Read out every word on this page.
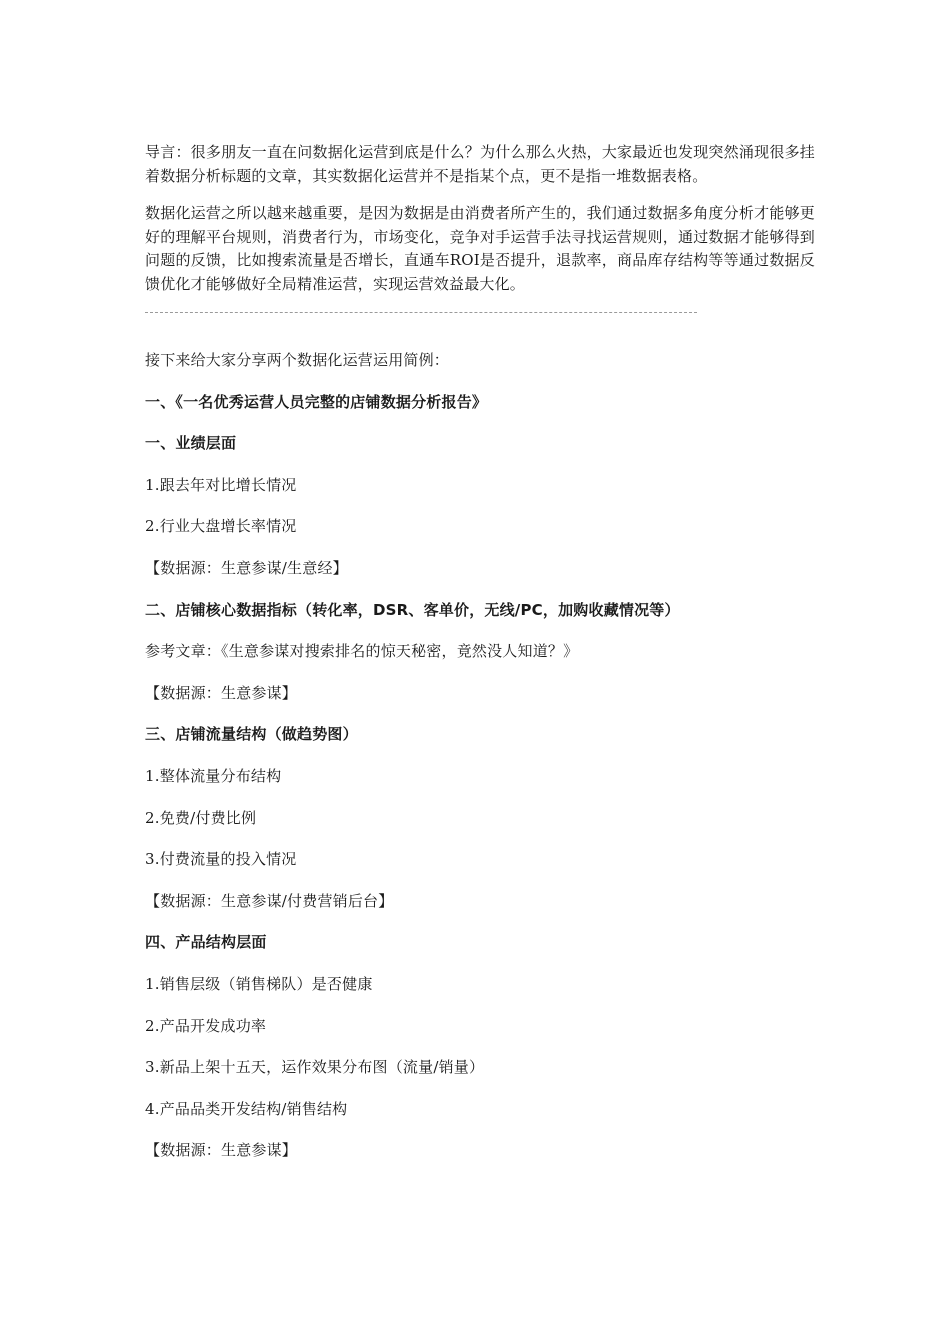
导言：很多朋友一直在问数据化运营到底是什么？为什么那么火热，大家最近也发现突然涌现很多挂着数据分析标题的文章，其实数据化运营并不是指某个点，更不是指一堆数据表格。

数据化运营之所以越来越重要，是因为数据是由消费者所产生的，我们通过数据多角度分析才能够更好的理解平台规则，消费者行为，市场变化，竞争对手运营手法寻找运营规则，通过数据才能够得到问题的反馈，比如搜索流量是否增长，直通车ROI是否提升，退款率，商品库存结构等等通过数据反馈优化才能够做好全局精准运营，实现运营效益最大化。

接下来给大家分享两个数据化运营运用简例：
一、《一名优秀运营人员完整的店铺数据分析报告》
一、业绩层面
1.跟去年对比增长情况
2.行业大盘增长率情况
【数据源：生意参谋/生意经】
二、店铺核心数据指标（转化率，DSR、客单价，无线/PC，加购收藏情况等）
参考文章：《生意参谋对搜索排名的惊天秘密，竟然没人知道？》
【数据源：生意参谋】
三、店铺流量结构（做趋势图）
1.整体流量分布结构
2.免费/付费比例
3.付费流量的投入情况
【数据源：生意参谋/付费营销后台】
四、产品结构层面
1.销售层级（销售梯队）是否健康
2.产品开发成功率
3.新品上架十五天，运作效果分布图（流量/销量）
4.产品品类开发结构/销售结构
【数据源：生意参谋】
